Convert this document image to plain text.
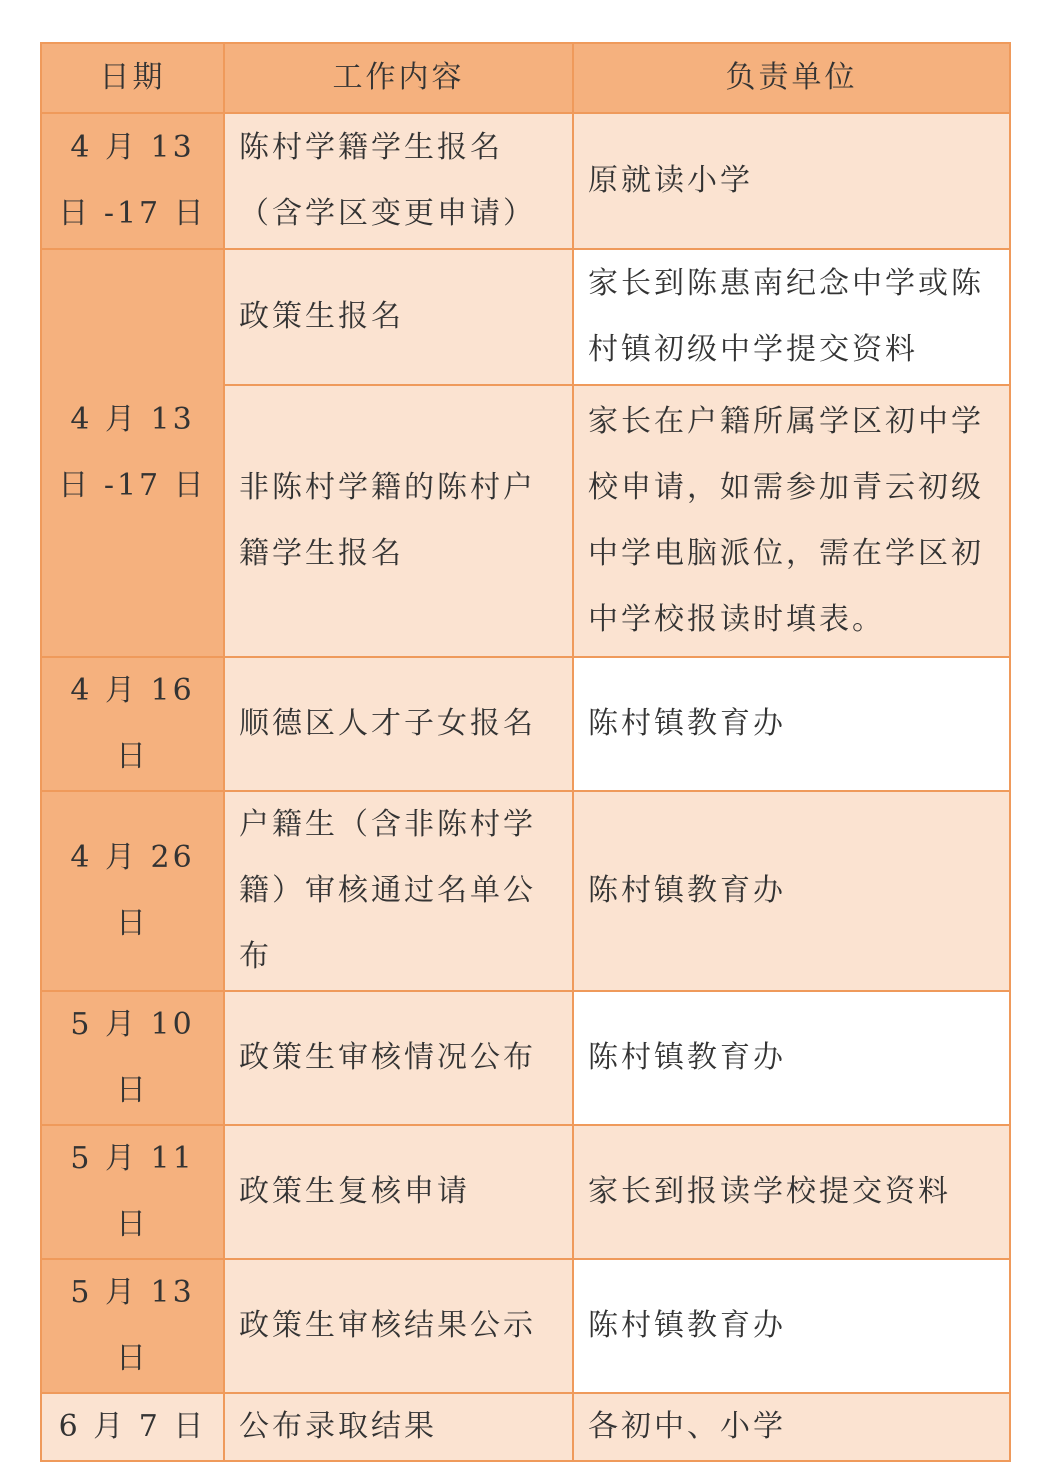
日期	工作内容	负责单位
4 月 13 日 -17 日	陈村学籍学生报名（含学区变更申请）	原就读小学
4 月 13 日 -17 日	政策生报名	家长到陈惠南纪念中学或陈村镇初级中学提交资料
	非陈村学籍的陈村户籍学生报名	家长在户籍所属学区初中学校申请，如需参加青云初级中学电脑派位，需在学区初中学校报读时填表。
4 月 16 日	顺德区人才子女报名	陈村镇教育办
4 月 26 日	户籍生（含非陈村学籍）审核通过名单公布	陈村镇教育办
5 月 10 日	政策生审核情况公布	陈村镇教育办
5 月 11 日	政策生复核申请	家长到报读学校提交资料
5 月 13 日	政策生审核结果公示	陈村镇教育办
6 月 7 日	公布录取结果	各初中、小学
